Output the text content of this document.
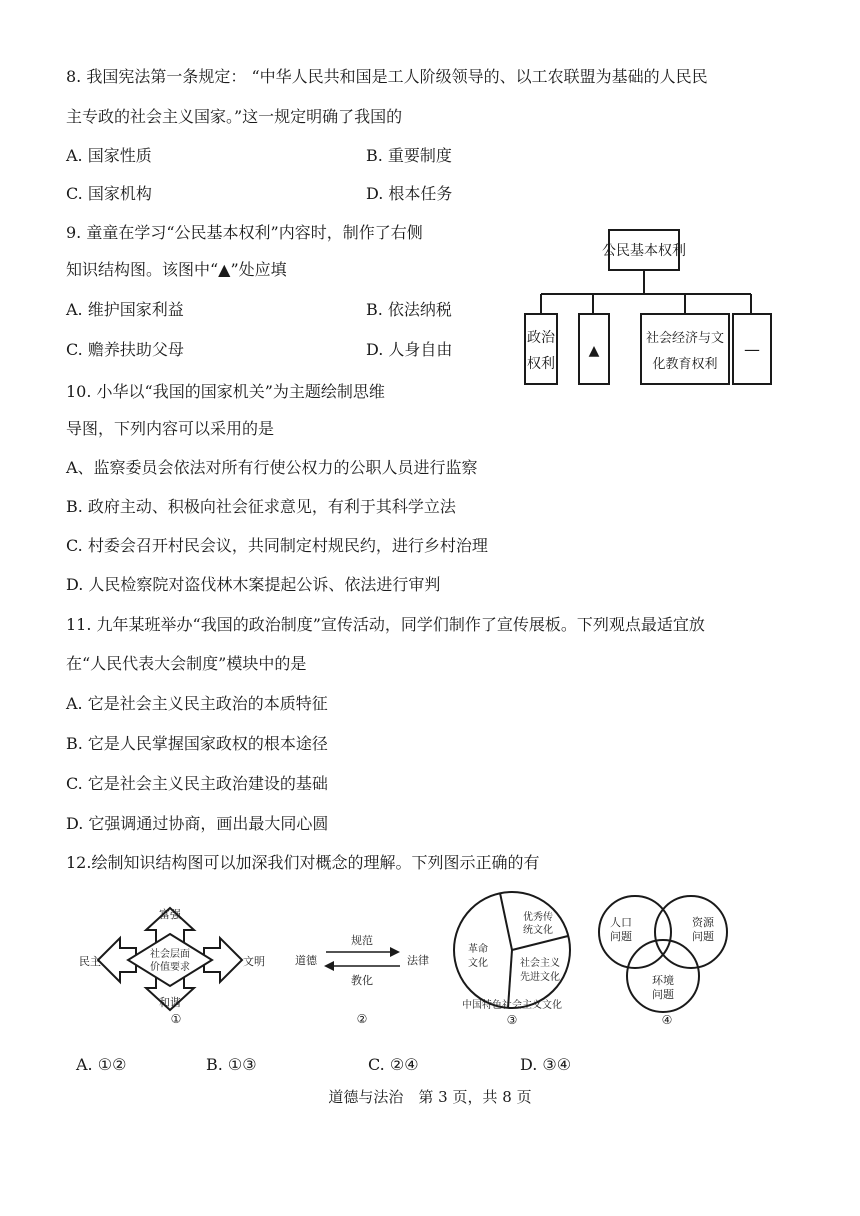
8. 我国宪法第一条规定： “中华人民共和国是工人阶级领导的、以工农联盟为基础的人民民
主专政的社会主义国家。”这一规定明确了我国的
A. 国家性质	B. 重要制度
C. 国家机构	D. 根本任务
9. 童童在学习“公民基本权利”内容时，制作了右侧
知识结构图。该图中“▲”处应填
A. 维护国家利益	B. 依法纳税
C. 赡养扶助父母	D. 人身自由
公民基本权利
政治
权利
▲
社会经济与文
化教育权利
—
10. 小华以“我国的国家机关”为主题绘制思维
导图，下列内容可以采用的是
A、监察委员会依法对所有行使公权力的公职人员进行监察
B. 政府主动、积极向社会征求意见，有利于其科学立法
C. 村委会召开村民会议，共同制定村规民约，进行乡村治理
D. 人民检察院对盗伐林木案提起公诉、依法进行审判
11. 九年某班举办“我国的政治制度”宣传活动，同学们制作了宣传展板。下列观点最适宜放
在“人民代表大会制度”模块中的是
A. 它是社会主义民主政治的本质特征
B. 它是人民掌握国家政权的根本途径
C. 它是社会主义民主政治建设的基础
D. 它强调通过协商，画出最大同心圆
12.绘制知识结构图可以加深我们对概念的理解。下列图示正确的有
富强
民主	文明
和谐
社会层面
价值要求
①
道德	法律
规范
教化
②
优秀传
统文化
革命
文化	社会主义
先进文化
中国特色社会主义文化
③
人口
问题
资源
问题
环境
问题
④
A. ①②	B. ①③	C. ②④	D. ③④
道德与法治　第 3 页，共 8 页
